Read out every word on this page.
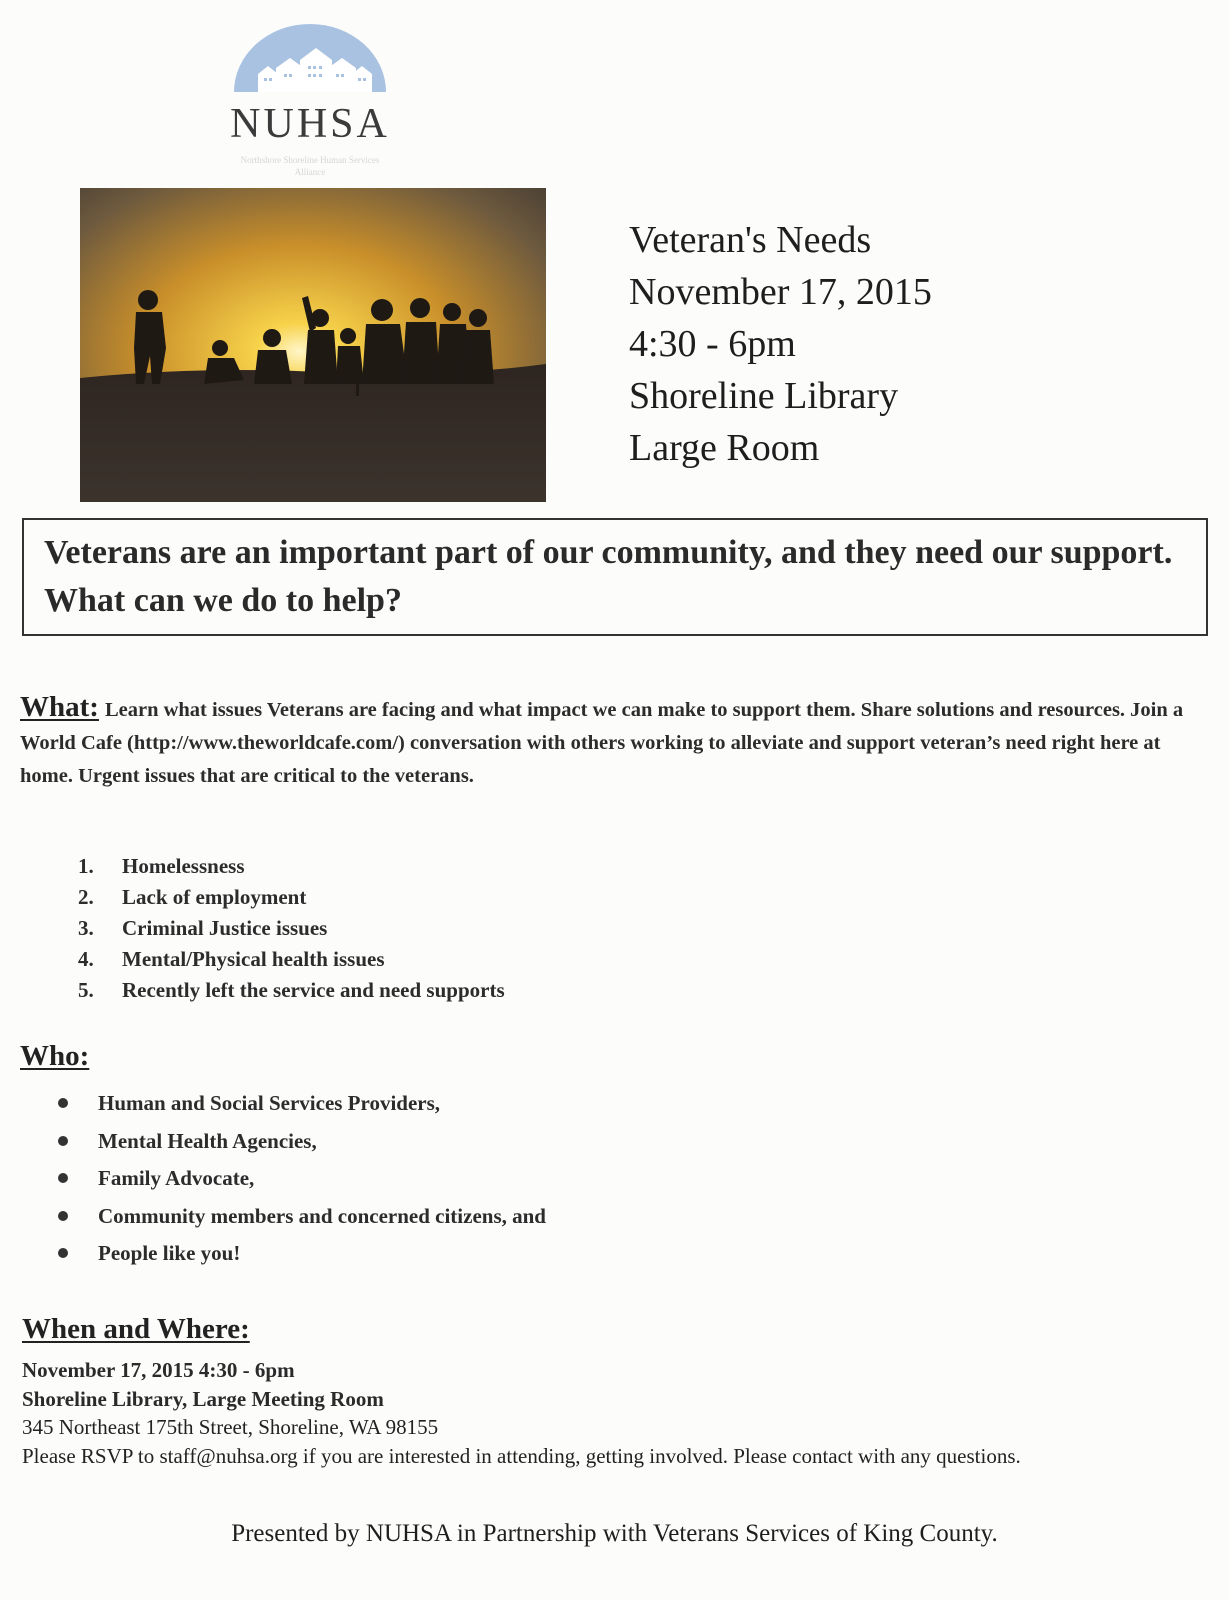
NUHSA
Northshore Shoreline Human Services Alliance
Veteran's Needs
November 17, 2015
4:30 - 6pm
Shoreline Library
Large Room
Veterans are an important part of our community, and they need our support. What can we do to help?
What: Learn what issues Veterans are facing and what impact we can make to support them. Share solutions and resources. Join a World Cafe (http://www.theworldcafe.com/) conversation with others working to alleviate and support veteran’s need right here at home. Urgent issues that are critical to the veterans.
1. Homelessness
2. Lack of employment
3. Criminal Justice issues
4. Mental/Physical health issues
5. Recently left the service and need supports
Who:
Human and Social Services Providers,
Mental Health Agencies,
Family Advocate,
Community members and concerned citizens, and
People like you!
When and Where:
November 17, 2015 4:30 - 6pm
Shoreline Library, Large Meeting Room
345 Northeast 175th Street, Shoreline, WA 98155
Please RSVP to staff@nuhsa.org if you are interested in attending, getting involved. Please contact with any questions.
Presented by NUHSA in Partnership with Veterans Services of King County.
